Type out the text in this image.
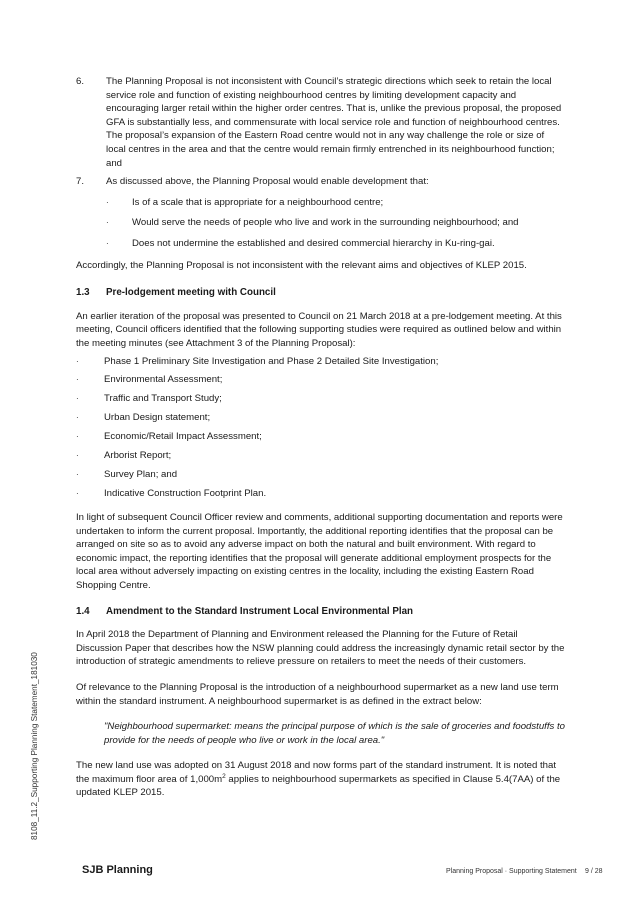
6.	The Planning Proposal is not inconsistent with Council’s strategic directions which seek to retain the local service role and function of existing neighbourhood centres by limiting development capacity and encouraging larger retail within the higher order centres. That is, unlike the previous proposal, the proposed GFA is substantially less, and commensurate with local service role and function of neighbourhood centres. The proposal’s expansion of the Eastern Road centre would not in any way challenge the role or size of local centres in the area and that the centre would remain firmly entrenched in its neighbourhood function; and

7.	As discussed above, the Planning Proposal would enable development that:

·	Is of a scale that is appropriate for a neighbourhood centre;
·	Would serve the needs of people who live and work in the surrounding neighbourhood; and
·	Does not undermine the established and desired commercial hierarchy in Ku-ring-gai.

Accordingly, the Planning Proposal is not inconsistent with the relevant aims and objectives of KLEP 2015.

1.3	Pre-lodgement meeting with Council

An earlier iteration of the proposal was presented to Council on 21 March 2018 at a pre-lodgement meeting. At this meeting, Council officers identified that the following supporting studies were required as outlined below and within the meeting minutes (see Attachment 3 of the Planning Proposal):

·	Phase 1 Preliminary Site Investigation and Phase 2 Detailed Site Investigation;
·	Environmental Assessment;
·	Traffic and Transport Study;
·	Urban Design statement;
·	Economic/Retail Impact Assessment;
·	Arborist Report;
·	Survey Plan; and
·	Indicative Construction Footprint Plan.

In light of subsequent Council Officer review and comments, additional supporting documentation and reports were undertaken to inform the current proposal. Importantly, the additional reporting identifies that the proposal can be arranged on site so as to avoid any adverse impact on both the natural and built environment. With regard to economic impact, the reporting identifies that the proposal will generate additional employment prospects for the local area without adversely impacting on existing centres in the locality, including the existing Eastern Road Shopping Centre.

1.4	Amendment to the Standard Instrument Local Environmental Plan

In April 2018 the Department of Planning and Environment released the Planning for the Future of Retail Discussion Paper that describes how the NSW planning could address the increasingly dynamic retail sector by the introduction of strategic amendments to relieve pressure on retailers to meet the needs of their customers.

Of relevance to the Planning Proposal is the introduction of a neighbourhood supermarket as a new land use term within the standard instrument. A neighbourhood supermarket is as defined in the extract below:

"Neighbourhood supermarket: means the principal purpose of which is the sale of groceries and foodstuffs to provide for the needs of people who live or work in the local area."

The new land use was adopted on 31 August 2018 and now forms part of the standard instrument. It is noted that the maximum floor area of $1,000m^2$ applies to neighbourhood supermarkets as specified in Clause 5.4(7AA) of the updated KLEP 2015.

8108_11.2_Supporting Planning Statement_181030
SJB Planning	Planning Proposal · Supporting Statement 9 / 28
